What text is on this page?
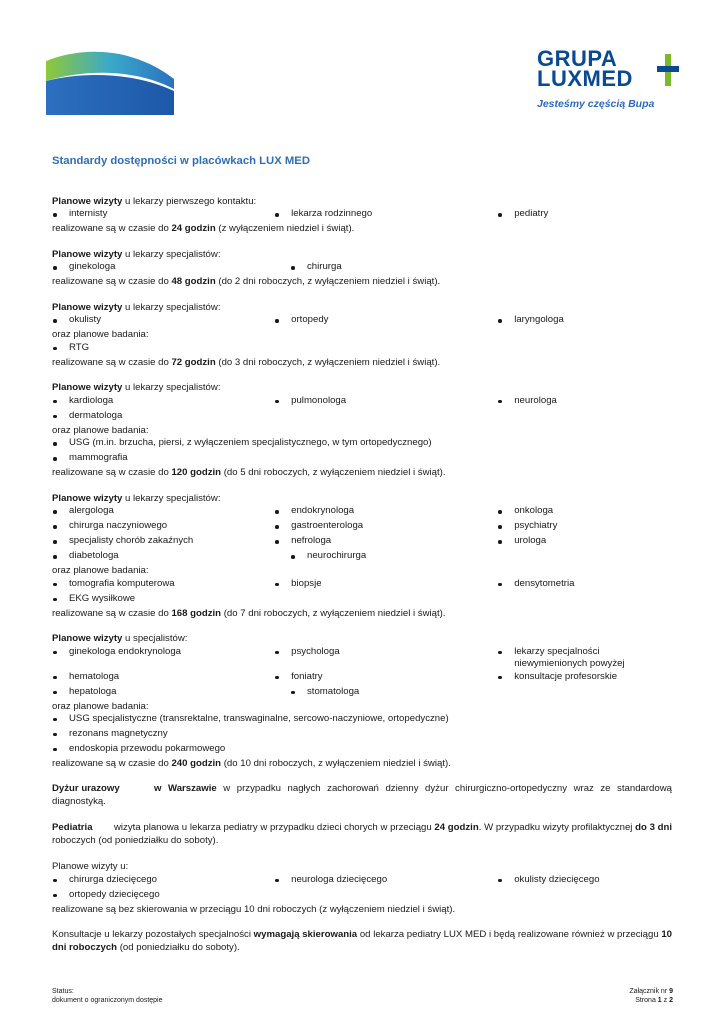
GRUPA
LUXMED
Jesteśmy częścią Bupa
Standardy dostępności w placówkach LUX MED
Planowe wizyty u lekarzy pierwszego kontaktu:
internisty	lekarza rodzinnego	pediatry
realizowane są w czasie do 24 godzin (z wyłączeniem niedziel i świąt).
Planowe wizyty u lekarzy specjalistów:
ginekologa	chirurga
realizowane są w czasie do 48 godzin (do 2 dni roboczych, z wyłączeniem niedziel i świąt).
Planowe wizyty u lekarzy specjalistów:
okulisty	ortopedy	laryngologa
oraz planowe badania:
RTG
realizowane są w czasie do 72 godzin (do 3 dni roboczych, z wyłączeniem niedziel i świąt).
Planowe wizyty u lekarzy specjalistów:
kardiologa	pulmonologa	neurologa
dermatologa
oraz planowe badania:
USG (m.in. brzucha, piersi, z wyłączeniem specjalistycznego, w tym ortopedycznego)
mammografia
realizowane są w czasie do 120 godzin (do 5 dni roboczych, z wyłączeniem niedziel i świąt).
Planowe wizyty u lekarzy specjalistów:
alergologa	endokrynologa	onkologa
chirurga naczyniowego	gastroenterologa	psychiatry
specjalisty chorób zakaźnych	nefrologa	urologa
diabetologa	neurochirurga
oraz planowe badania:
tomografia komputerowa	biopsje	densytometria
EKG wysiłkowe
realizowane są w czasie do 168 godzin (do 7 dni roboczych, z wyłączeniem niedziel i świąt).
Planowe wizyty u specjalistów:
ginekologa endokrynologa	psychologa	lekarzy specjalności niewymienionych powyżej
hematologa	foniatry	konsultacje profesorskie
hepatologa	stomatologa
oraz planowe badania:
USG specjalistyczne (transrektalne, transwaginalne, sercowo-naczyniowe, ortopedyczne)
rezonans magnetyczny
endoskopia przewodu pokarmowego
realizowane są w czasie do 240 godzin (do 10 dni roboczych, z wyłączeniem niedziel i świąt).
Dyżur urazowy	w Warszawie w przypadku nagłych zachorowań dzienny dyżur chirurgiczno-ortopedyczny wraz ze standardową diagnostyką.
Pediatria wizyta planowa u lekarza pediatry w przypadku dzieci chorych w przeciągu 24 godzin. W przypadku wizyty profilaktycznej do 3 dni roboczych (od poniedziałku do soboty).
Planowe wizyty u:
chirurga dziecięcego	neurologa dziecięcego	okulisty dziecięcego
ortopedy dziecięcego
realizowane są bez skierowania w przeciągu 10 dni roboczych (z wyłączeniem niedziel i świąt).
Konsultacje u lekarzy pozostałych specjalności wymagają skierowania od lekarza pediatry LUX MED i będą realizowane również w przeciągu 10 dni roboczych (od poniedziałku do soboty).
Status:
dokument o ograniczonym dostępie
Załącznik nr 9
Strona 1 z 2
